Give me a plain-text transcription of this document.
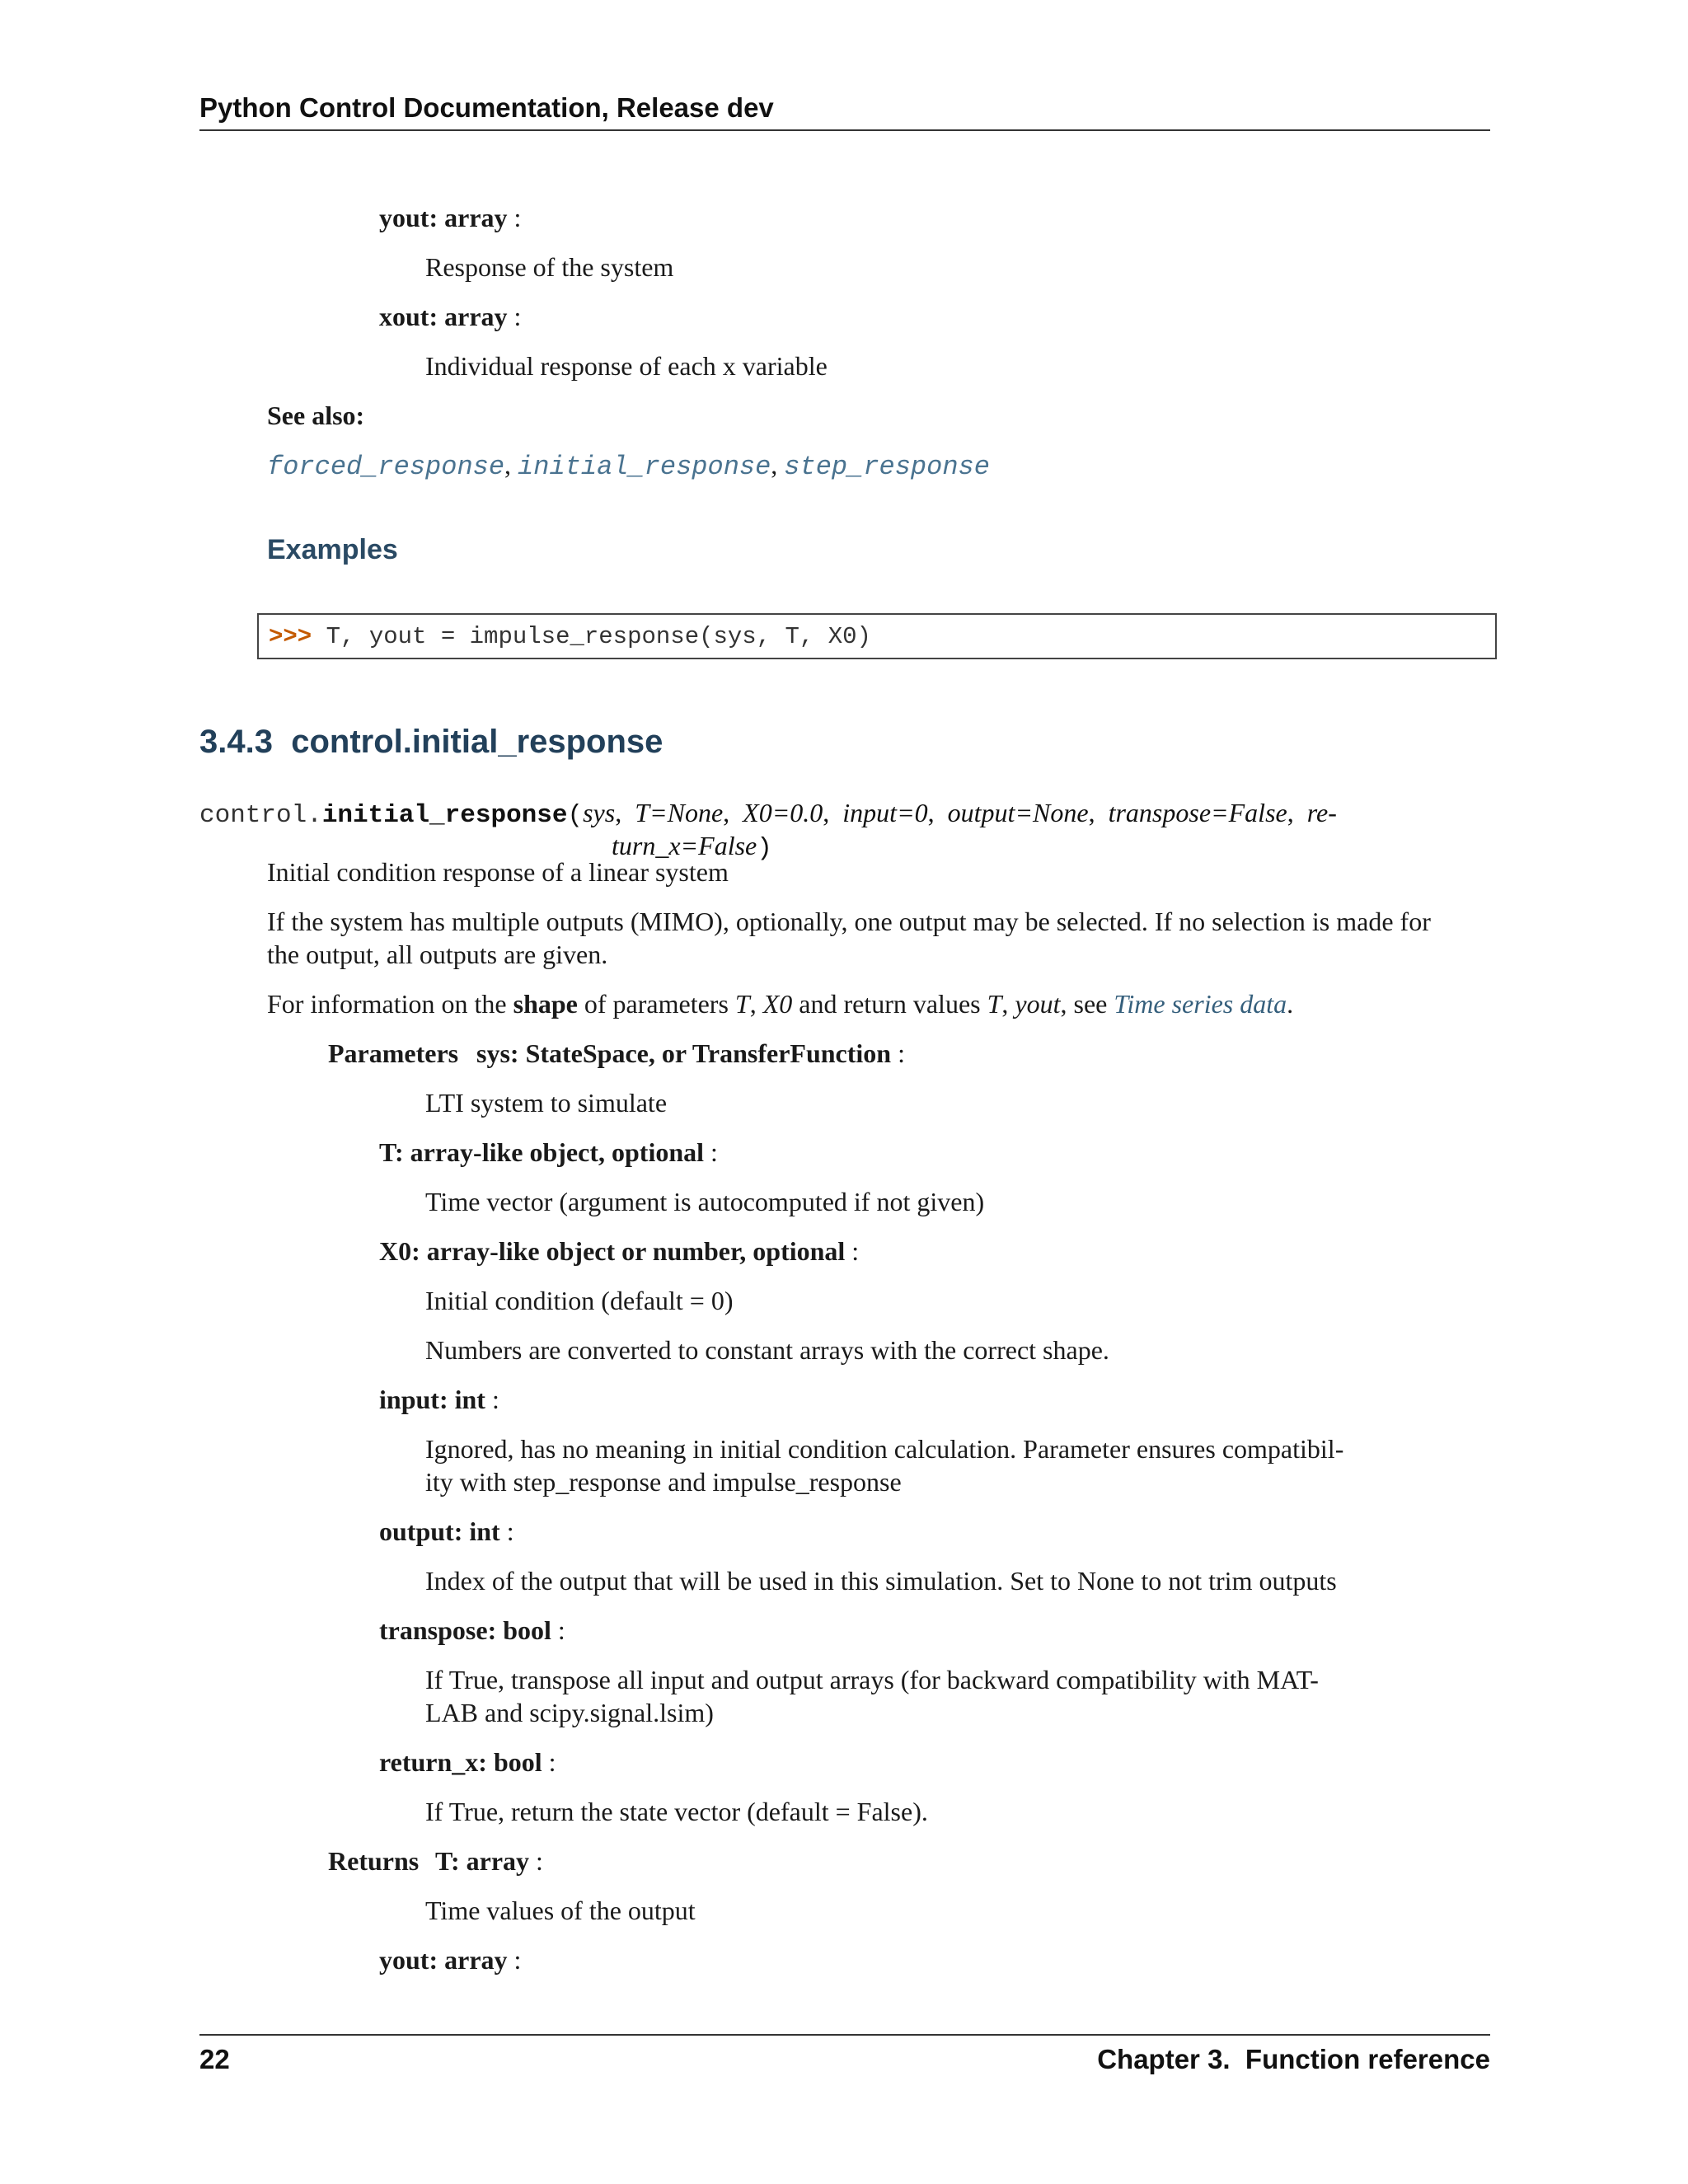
Python Control Documentation, Release dev
yout: array :
Response of the system
xout: array :
Individual response of each x variable
See also:
forced_response, initial_response, step_response
Examples
>>> T, yout = impulse_response(sys, T, X0)
3.4.3 control.initial_response
control.initial_response(sys,  T=None,  X0=0.0,  input=0,  output=None,  transpose=False,  re-
turn_x=False)
Initial condition response of a linear system
If the system has multiple outputs (MIMO), optionally, one output may be selected. If no selection is made for
the output, all outputs are given.
For information on the shape of parameters T, X0 and return values T, yout, see Time series data.
Parameters sys: StateSpace, or TransferFunction :
LTI system to simulate
T: array-like object, optional :
Time vector (argument is autocomputed if not given)
X0: array-like object or number, optional :
Initial condition (default = 0)
Numbers are converted to constant arrays with the correct shape.
input: int :
Ignored, has no meaning in initial condition calculation. Parameter ensures compatibil-
ity with step_response and impulse_response
output: int :
Index of the output that will be used in this simulation. Set to None to not trim outputs
transpose: bool :
If True, transpose all input and output arrays (for backward compatibility with MAT-
LAB and scipy.signal.lsim)
return_x: bool :
If True, return the state vector (default = False).
Returns T: array :
Time values of the output
yout: array :
22	Chapter 3.  Function reference
